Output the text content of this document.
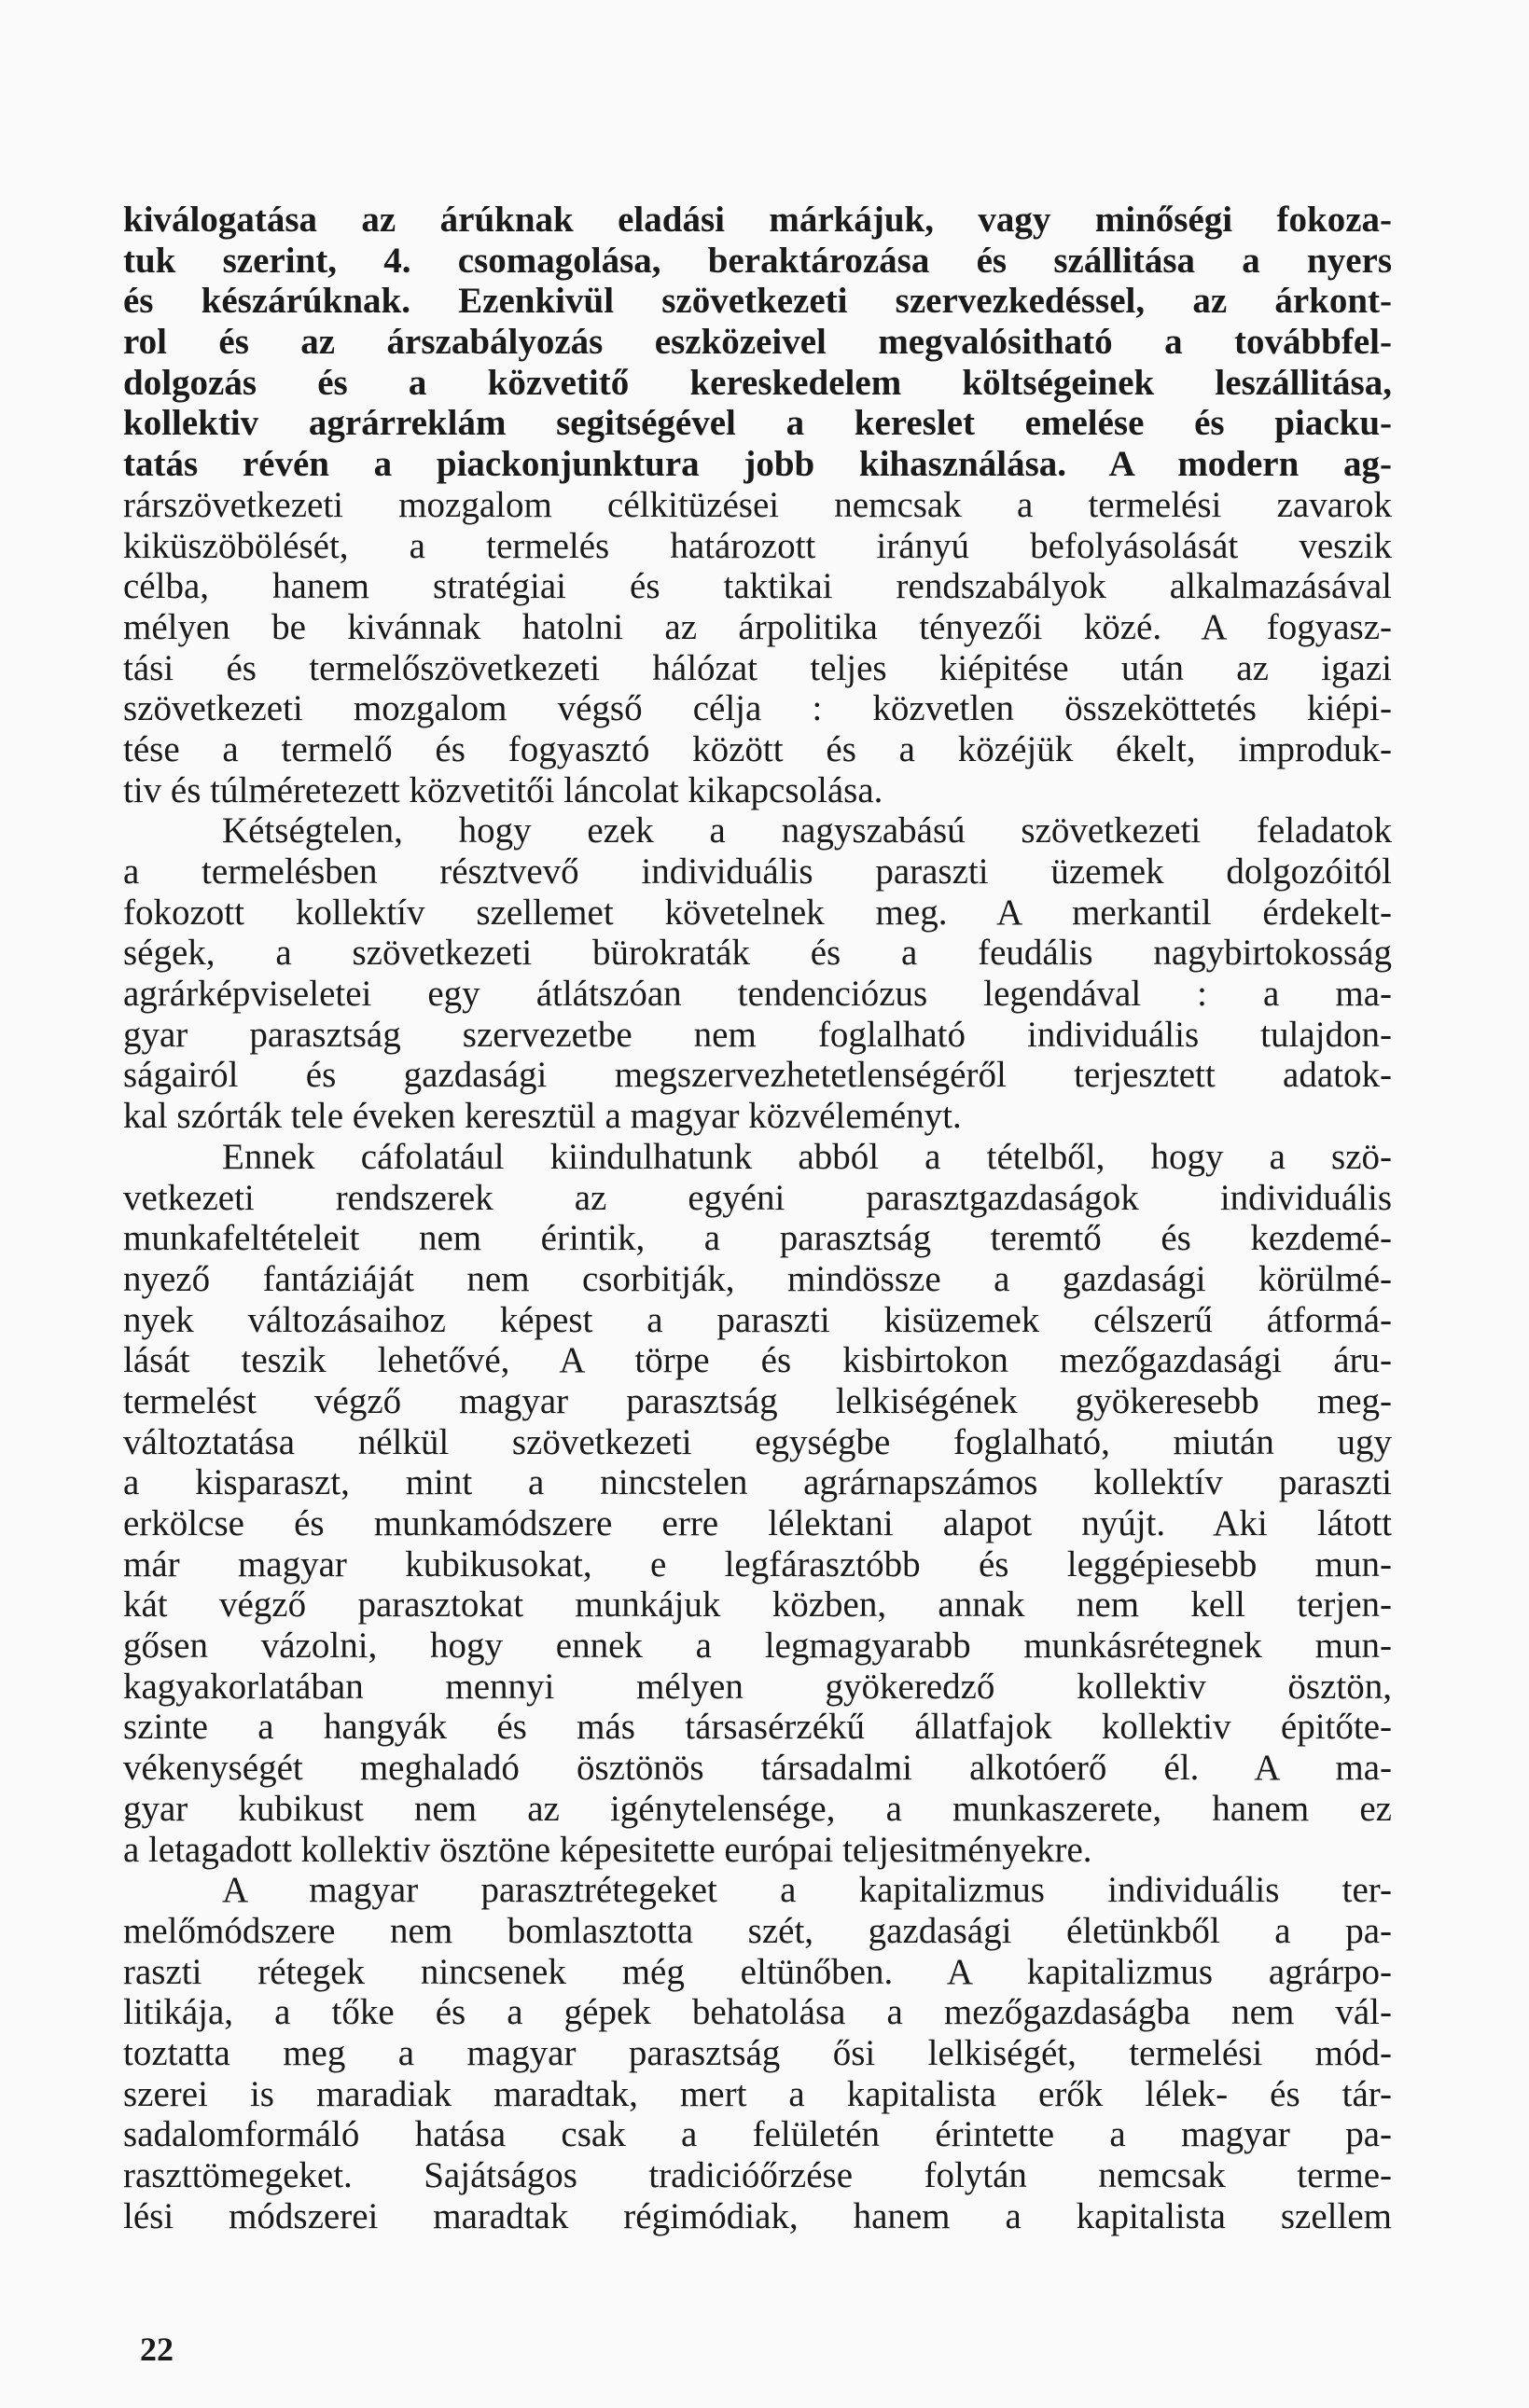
kiválogatása az árúknak eladási márkájuk, vagy minőségi fokoza-
tuk szerint, 4. csomagolása, beraktározása és szállitása a nyers
és készárúknak. Ezenkivül szövetkezeti szervezkedéssel, az árkont-
rol és az árszabályozás eszközeivel megvalósitható a továbbfel-
dolgozás és a közvetitő kereskedelem költségeinek leszállitása,
kollektiv agrárreklám segitségével a kereslet emelése és piacku-
tatás révén a piackonjunktura jobb kihasználása. A modern ag-
rárszövetkezeti mozgalom célkitüzései nemcsak a termelési zavarok
kiküszöbölését, a termelés határozott irányú befolyásolását veszik
célba, hanem stratégiai és taktikai rendszabályok alkalmazásával
mélyen be kivánnak hatolni az árpolitika tényezői közé. A fogyasz-
tási és termelőszövetkezeti hálózat teljes kiépitése után az igazi
szövetkezeti mozgalom végső célja : közvetlen összeköttetés kiépi-
tése a termelő és fogyasztó között és a közéjük ékelt, improduk-
tiv és túlméretezett közvetitői láncolat kikapcsolása.
Kétségtelen, hogy ezek a nagyszabású szövetkezeti feladatok
a termelésben résztvevő individuális paraszti üzemek dolgozóitól
fokozott kollektív szellemet követelnek meg. A merkantil érdekelt-
ségek, a szövetkezeti bürokraták és a feudális nagybirtokosság
agrárképviseletei egy átlátszóan tendenciózus legendával : a ma-
gyar parasztság szervezetbe nem foglalható individuális tulajdon-
ságairól és gazdasági megszervezhetetlenségéről terjesztett adatok-
kal szórták tele éveken keresztül a magyar közvéleményt.
Ennek cáfolatául kiindulhatunk abból a tételből, hogy a szö-
vetkezeti rendszerek az egyéni parasztgazdaságok individuális
munkafeltételeit nem érintik, a parasztság teremtő és kezdemé-
nyező fantáziáját nem csorbitják, mindössze a gazdasági körülmé-
nyek változásaihoz képest a paraszti kisüzemek célszerű átformá-
lását teszik lehetővé, A törpe és kisbirtokon mezőgazdasági áru-
termelést végző magyar parasztság lelkiségének gyökeresebb meg-
változtatása nélkül szövetkezeti egységbe foglalható, miután ugy
a kisparaszt, mint a nincstelen agrárnapszámos kollektív paraszti
erkölcse és munkamódszere erre lélektani alapot nyújt. Aki látott
már magyar kubikusokat, e legfárasztóbb és leggépiesebb mun-
kát végző parasztokat munkájuk közben, annak nem kell terjen-
gősen vázolni, hogy ennek a legmagyarabb munkásrétegnek mun-
kagyakorlatában mennyi mélyen gyökeredző kollektiv ösztön,
szinte a hangyák és más társasérzékű állatfajok kollektiv épitőte-
vékenységét meghaladó ösztönös társadalmi alkotóerő él. A ma-
gyar kubikust nem az igénytelensége, a munkaszerete, hanem ez
a letagadott kollektiv ösztöne képesitette európai teljesitményekre.
A magyar parasztrétegeket a kapitalizmus individuális ter-
melőmódszere nem bomlasztotta szét, gazdasági életünkből a pa-
raszti rétegek nincsenek még eltünőben. A kapitalizmus agrárpo-
litikája, a tőke és a gépek behatolása a mezőgazdaságba nem vál-
toztatta meg a magyar parasztság ősi lelkiségét, termelési mód-
szerei is maradiak maradtak, mert a kapitalista erők lélek- és tár-
sadalomformáló hatása csak a felületén érintette a magyar pa-
raszttömegeket. Sajátságos tradicióőrzése folytán nemcsak terme-
lési módszerei maradtak régimódiak, hanem a kapitalista szellem
22
